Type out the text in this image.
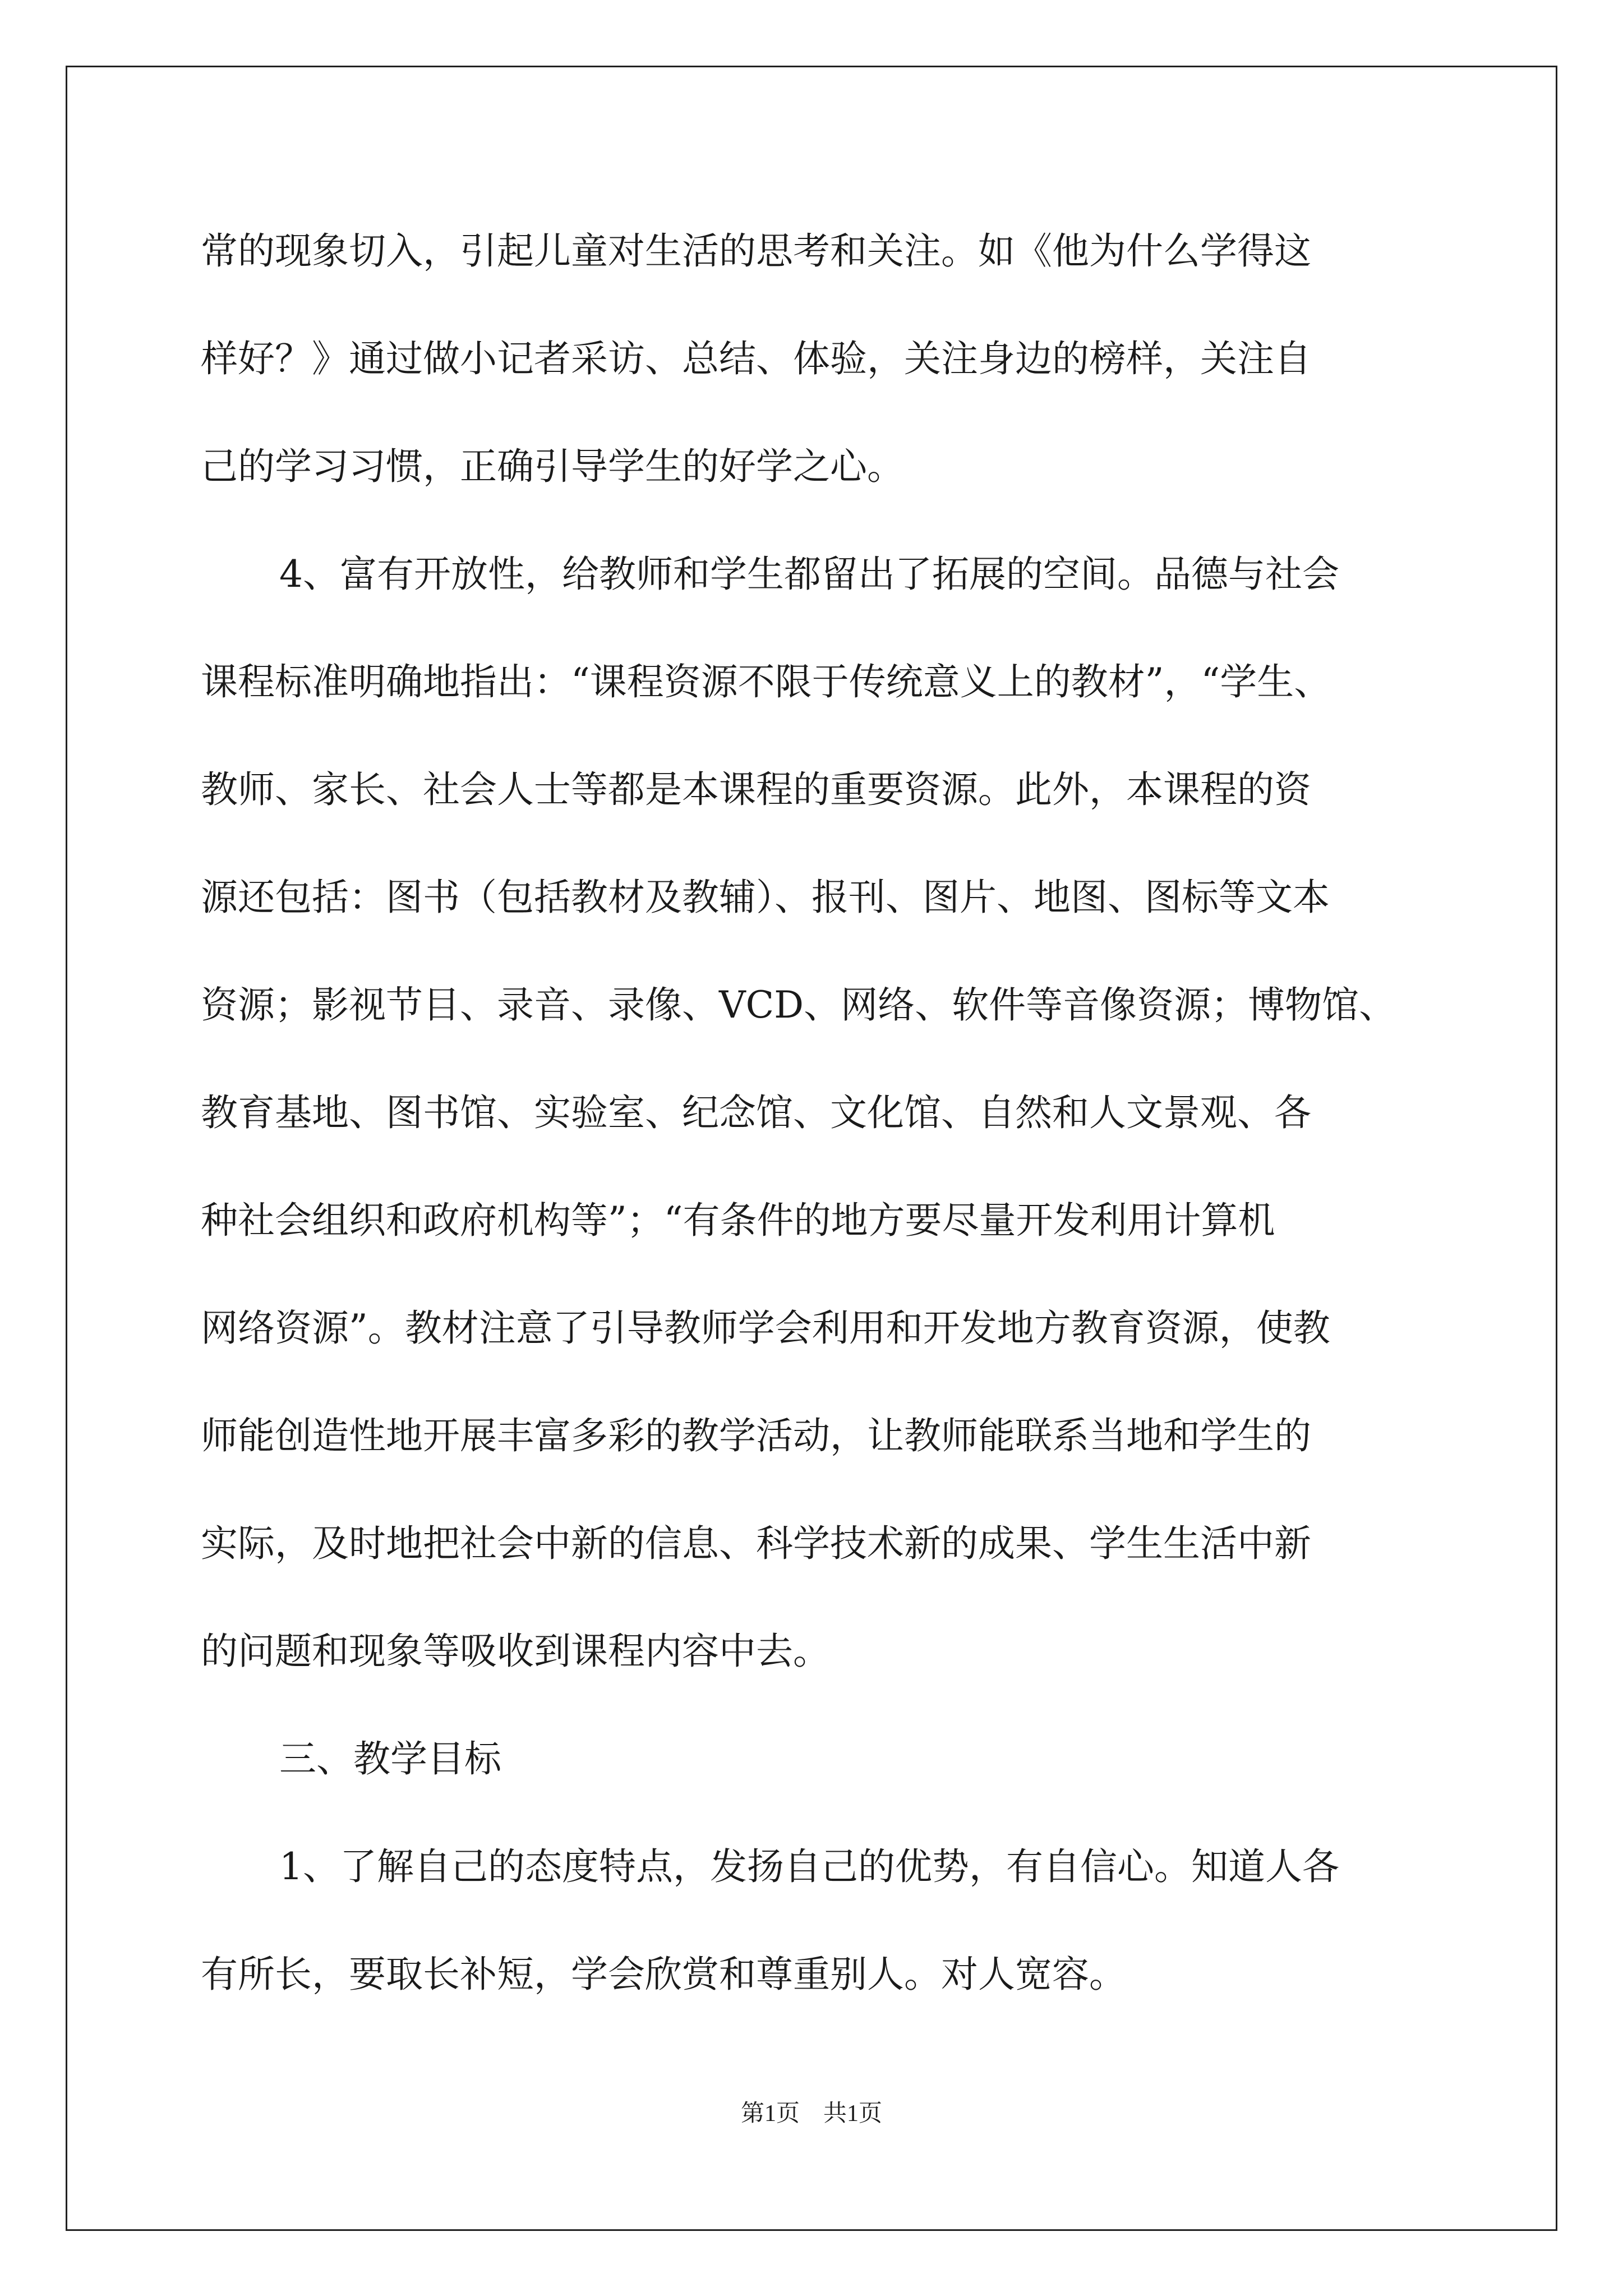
常的现象切入，引起儿童对生活的思考和关注。如《他为什么学得这
样好？》通过做小记者采访、总结、体验，关注身边的榜样，关注自
己的学习习惯，正确引导学生的好学之心。
4、富有开放性，给教师和学生都留出了拓展的空间。品德与社会
课程标准明确地指出：“课程资源不限于传统意义上的教材”，“学生、
教师、家长、社会人士等都是本课程的重要资源。此外，本课程的资
源还包括：图书（包括教材及教辅）、报刊、图片、地图、图标等文本
资源；影视节目、录音、录像、VCD、网络、软件等音像资源；博物馆、
教育基地、图书馆、实验室、纪念馆、文化馆、自然和人文景观、各
种社会组织和政府机构等”；“有条件的地方要尽量开发利用计算机
网络资源”。教材注意了引导教师学会利用和开发地方教育资源，使教
师能创造性地开展丰富多彩的教学活动，让教师能联系当地和学生的
实际，及时地把社会中新的信息、科学技术新的成果、学生生活中新
的问题和现象等吸收到课程内容中去。
三、教学目标
1、了解自己的态度特点，发扬自己的优势，有自信心。知道人各
有所长，要取长补短，学会欣赏和尊重别人。对人宽容。
第1页　共1页
